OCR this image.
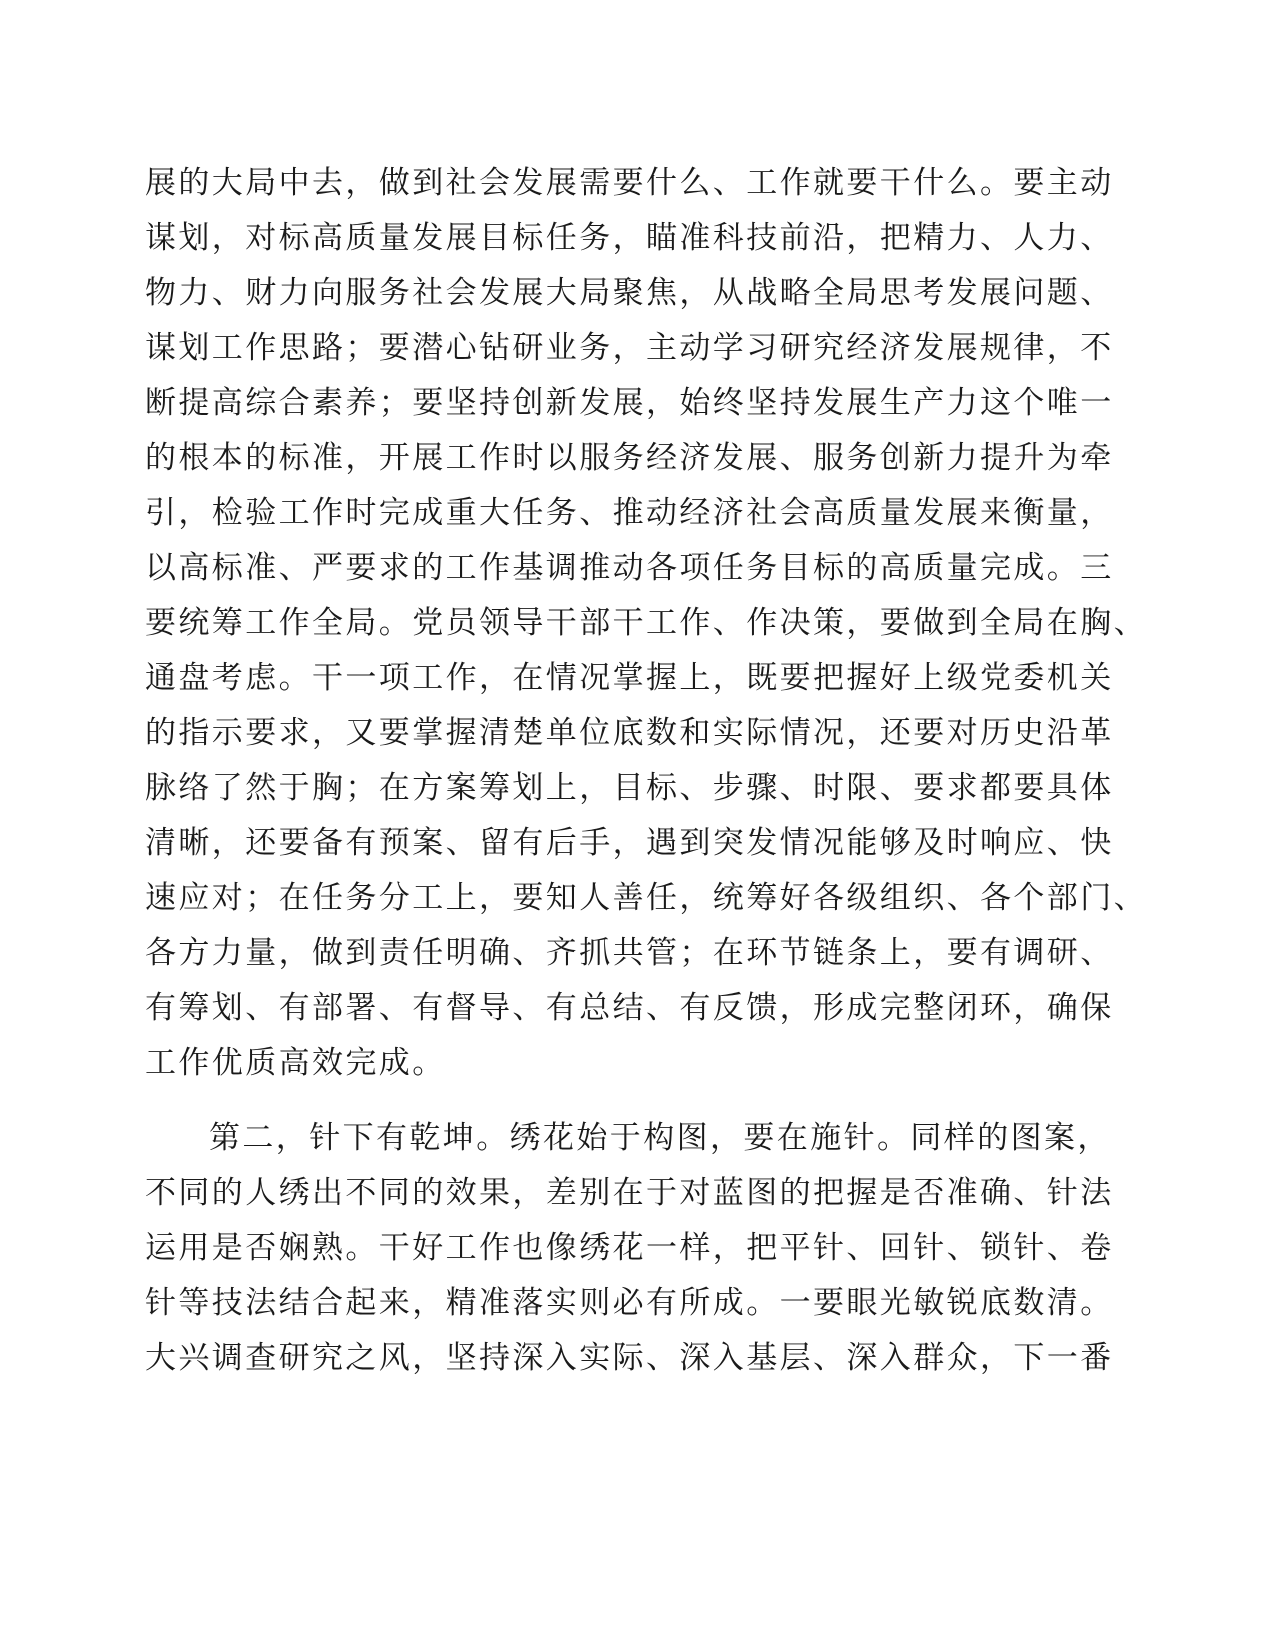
展的大局中去，做到社会发展需要什么、工作就要干什么。要主动
谋划，对标高质量发展目标任务，瞄准科技前沿，把精力、人力、
物力、财力向服务社会发展大局聚焦，从战略全局思考发展问题、
谋划工作思路；要潜心钻研业务，主动学习研究经济发展规律，不
断提高综合素养；要坚持创新发展，始终坚持发展生产力这个唯一
的根本的标准，开展工作时以服务经济发展、服务创新力提升为牵
引，检验工作时完成重大任务、推动经济社会高质量发展来衡量，
以高标准、严要求的工作基调推动各项任务目标的高质量完成。三
要统筹工作全局。党员领导干部干工作、作决策，要做到全局在胸、
通盘考虑。干一项工作，在情况掌握上，既要把握好上级党委机关
的指示要求，又要掌握清楚单位底数和实际情况，还要对历史沿革
脉络了然于胸；在方案筹划上，目标、步骤、时限、要求都要具体
清晰，还要备有预案、留有后手，遇到突发情况能够及时响应、快
速应对；在任务分工上，要知人善任，统筹好各级组织、各个部门、
各方力量，做到责任明确、齐抓共管；在环节链条上，要有调研、
有筹划、有部署、有督导、有总结、有反馈，形成完整闭环，确保
工作优质高效完成。
第二，针下有乾坤。绣花始于构图，要在施针。同样的图案，
不同的人绣出不同的效果，差别在于对蓝图的把握是否准确、针法
运用是否娴熟。干好工作也像绣花一样，把平针、回针、锁针、卷
针等技法结合起来，精准落实则必有所成。一要眼光敏锐底数清。
大兴调查研究之风，坚持深入实际、深入基层、深入群众，下一番
